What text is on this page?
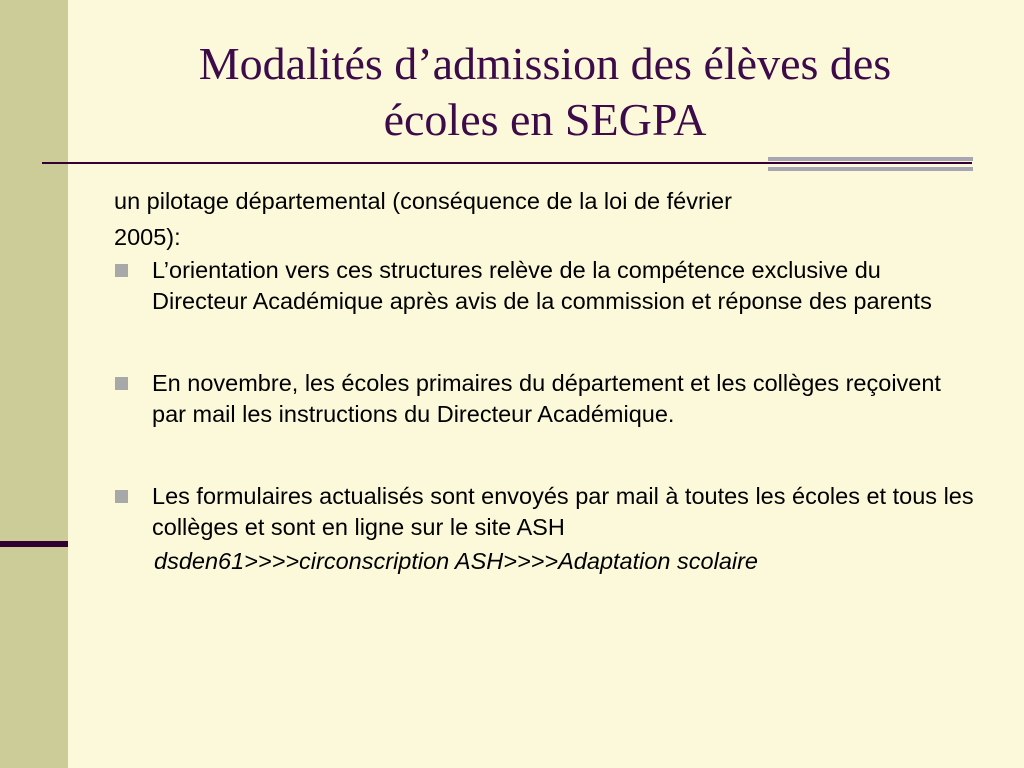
Modalités d’admission des élèves des
écoles en SEGPA

un pilotage départemental (conséquence de la loi de février
2005):

L’orientation vers ces structures relève de la compétence exclusive du Directeur Académique après avis de la commission et réponse des parents
En novembre, les écoles primaires du département et les collèges reçoivent par mail les instructions du Directeur Académique.
Les formulaires actualisés sont envoyés par mail à toutes les écoles et tous les collèges et sont en ligne sur le site ASH
dsden61>>>>circonscription ASH>>>>Adaptation scolaire
